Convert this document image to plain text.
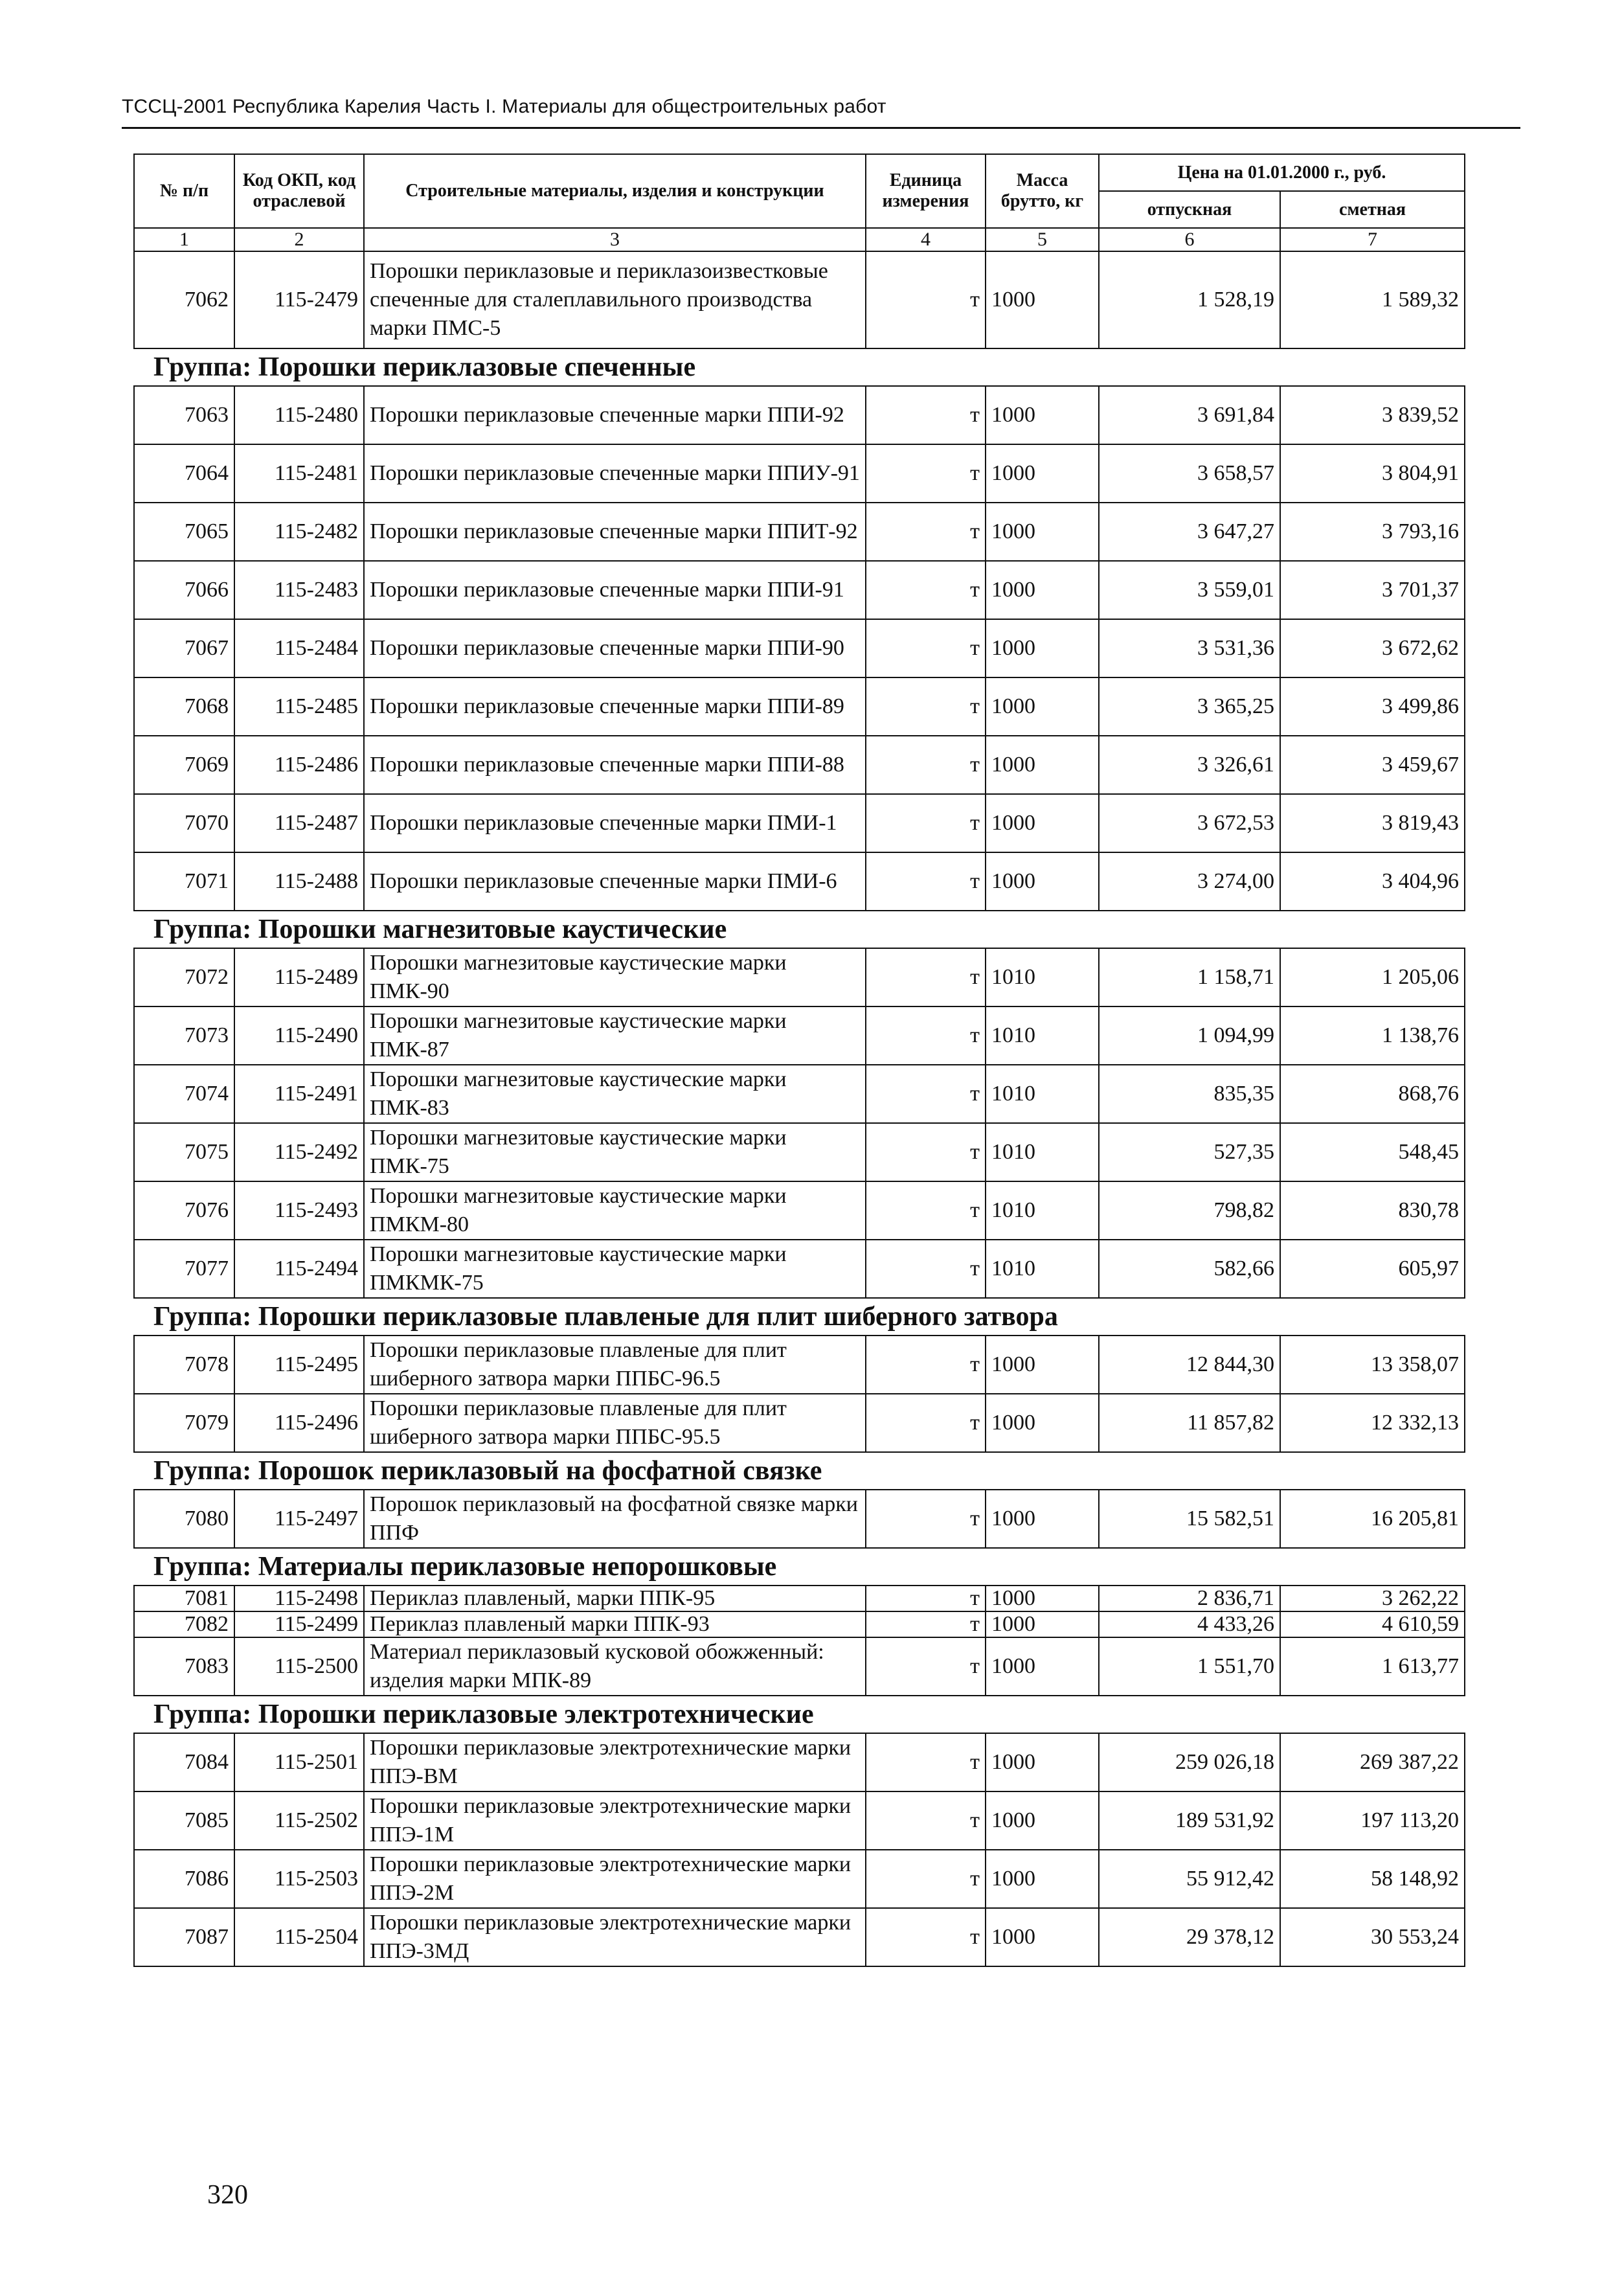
ТССЦ-2001 Республика Карелия Часть I. Материалы для общестроительных работ
№ п/п	Код ОКП, код отраслевой	Строительные материалы, изделия и конструкции	Единица измерения	Масса брутто, кг	Цена на 01.01.2000 г., руб.	
					отпускная	сметная
1	2	3	4	5	6	7
7062	115-2479	Порошки периклазовые и периклазоизвестковые спеченные для сталеплавильного производства марки ПМС-5	т	1000	1 528,19	1 589,32
Группа: Порошки периклазовые спеченные						
7063	115-2480	Порошки периклазовые спеченные марки ППИ-92	т	1000	3 691,84	3 839,52
7064	115-2481	Порошки периклазовые спеченные марки ППИУ-91	т	1000	3 658,57	3 804,91
7065	115-2482	Порошки периклазовые спеченные марки ППИТ-92	т	1000	3 647,27	3 793,16
7066	115-2483	Порошки периклазовые спеченные марки ППИ-91	т	1000	3 559,01	3 701,37
7067	115-2484	Порошки периклазовые спеченные марки ППИ-90	т	1000	3 531,36	3 672,62
7068	115-2485	Порошки периклазовые спеченные марки ППИ-89	т	1000	3 365,25	3 499,86
7069	115-2486	Порошки периклазовые спеченные марки ППИ-88	т	1000	3 326,61	3 459,67
7070	115-2487	Порошки периклазовые спеченные марки ПМИ-1	т	1000	3 672,53	3 819,43
7071	115-2488	Порошки периклазовые спеченные марки ПМИ-6	т	1000	3 274,00	3 404,96
Группа: Порошки магнезитовые каустические						
7072	115-2489	Порошки магнезитовые каустические марки ПМК-90	т	1010	1 158,71	1 205,06
7073	115-2490	Порошки магнезитовые каустические марки ПМК-87	т	1010	1 094,99	1 138,76
7074	115-2491	Порошки магнезитовые каустические марки ПМК-83	т	1010	835,35	868,76
7075	115-2492	Порошки магнезитовые каустические марки ПМК-75	т	1010	527,35	548,45
7076	115-2493	Порошки магнезитовые каустические марки ПМКМ-80	т	1010	798,82	830,78
7077	115-2494	Порошки магнезитовые каустические марки ПМКМК-75	т	1010	582,66	605,97
Группа: Порошки периклазовые плавленые для плит шиберного затвора						
7078	115-2495	Порошки периклазовые плавленые для плит шиберного затвора марки ППБС-96.5	т	1000	12 844,30	13 358,07
7079	115-2496	Порошки периклазовые плавленые для плит шиберного затвора марки ППБС-95.5	т	1000	11 857,82	12 332,13
Группа: Порошок периклазовый на фосфатной связке						
7080	115-2497	Порошок периклазовый на фосфатной связке марки ППФ	т	1000	15 582,51	16 205,81
Группа: Материалы периклазовые непорошковые						
7081	115-2498	Периклаз плавленый, марки ППК-95	т	1000	2 836,71	3 262,22
7082	115-2499	Периклаз плавленый марки ППК-93	т	1000	4 433,26	4 610,59
7083	115-2500	Материал периклазовый кусковой обожженный: изделия марки МПК-89	т	1000	1 551,70	1 613,77
Группа: Порошки периклазовые электротехнические						
7084	115-2501	Порошки периклазовые электротехнические марки ППЭ-ВМ	т	1000	259 026,18	269 387,22
7085	115-2502	Порошки периклазовые электротехнические марки ППЭ-1М	т	1000	189 531,92	197 113,20
7086	115-2503	Порошки периклазовые электротехнические марки ППЭ-2М	т	1000	55 912,42	58 148,92
7087	115-2504	Порошки периклазовые электротехнические марки ППЭ-3МД	т	1000	29 378,12	30 553,24
320
